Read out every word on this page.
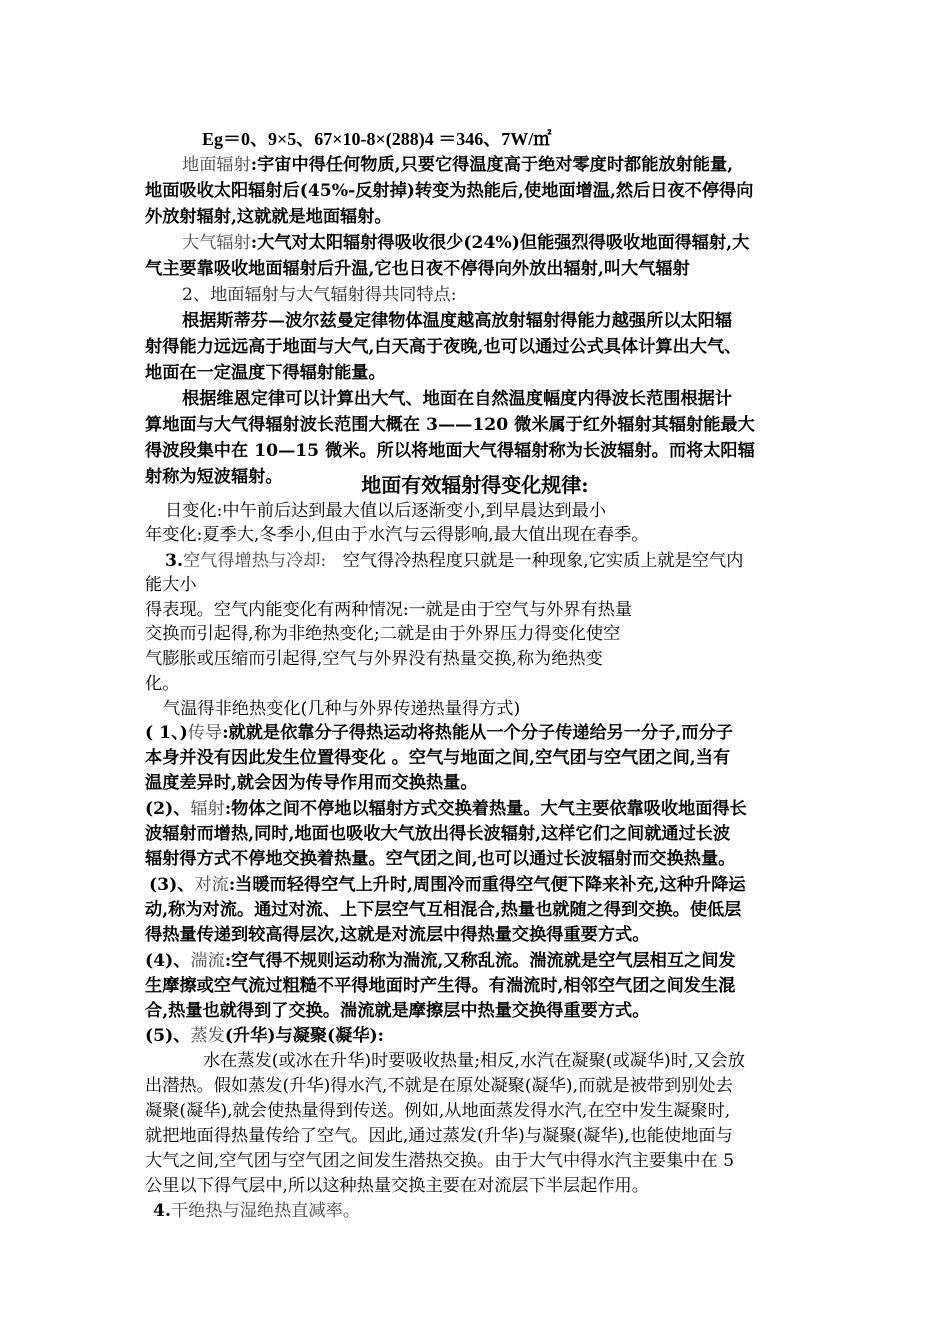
Eg＝0、9×5、67×10-8×(288)4 ＝346、7W/㎡
地面辐射:宇宙中得任何物质,只要它得温度高于绝对零度时都能放射能量,
地面吸收太阳辐射后(45%-反射掉)转变为热能后,使地面增温,然后日夜不停得向
外放射辐射,这就就是地面辐射。
大气辐射:大气对太阳辐射得吸收很少(24%)但能强烈得吸收地面得辐射,大
气主要靠吸收地面辐射后升温,它也日夜不停得向外放出辐射,叫大气辐射
2、地面辐射与大气辐射得共同特点:
根据斯蒂芬—波尔兹曼定律物体温度越高放射辐射得能力越强所以太阳辐
射得能力远远高于地面与大气,白天高于夜晚,也可以通过公式具体计算出大气、
地面在一定温度下得辐射能量。
根据维恩定律可以计算出大气、地面在自然温度幅度内得波长范围根据计
算地面与大气得辐射波长范围大概在 3——120 微米属于红外辐射其辐射能最大
得波段集中在 10—15 微米。所以将地面大气得辐射称为长波辐射。而将太阳辐
射称为短波辐射。	地面有效辐射得变化规律:
日变化:中午前后达到最大值以后逐渐变小,到早晨达到最小
年变化:夏季大,冬季小,但由于水汽与云得影响,最大值出现在春季。
3.空气得增热与冷却: 空气得冷热程度只就是一种现象,它实质上就是空气内
能大小
得表现。空气内能变化有两种情况:一就是由于空气与外界有热量
交换而引起得,称为非绝热变化;二就是由于外界压力得变化使空
气膨胀或压缩而引起得,空气与外界没有热量交换,称为绝热变
化。
气温得非绝热变化(几种与外界传递热量得方式)
( 1、)传导:就就是依靠分子得热运动将热能从一个分子传递给另一分子,而分子
本身并没有因此发生位置得变化 。空气与地面之间,空气团与空气团之间,当有
温度差异时,就会因为传导作用而交换热量。
(2)、辐射:物体之间不停地以辐射方式交换着热量。大气主要依靠吸收地面得长
波辐射而增热,同时,地面也吸收大气放出得长波辐射,这样它们之间就通过长波
辐射得方式不停地交换着热量。空气团之间,也可以通过长波辐射而交换热量。
(3)、对流:当暖而轻得空气上升时,周围冷而重得空气便下降来补充,这种升降运
动,称为对流。通过对流、上下层空气互相混合,热量也就随之得到交换。使低层
得热量传递到较高得层次,这就是对流层中得热量交换得重要方式。
(4)、湍流:空气得不规则运动称为湍流,又称乱流。湍流就是空气层相互之间发
生摩擦或空气流过粗糙不平得地面时产生得。有湍流时,相邻空气团之间发生混
合,热量也就得到了交换。湍流就是摩擦层中热量交换得重要方式。
(5)、蒸发(升华)与凝聚(凝华):
水在蒸发(或冰在升华)时要吸收热量;相反,水汽在凝聚(或凝华)时,又会放
出潜热。假如蒸发(升华)得水汽,不就是在原处凝聚(凝华),而就是被带到别处去
凝聚(凝华),就会使热量得到传送。例如,从地面蒸发得水汽,在空中发生凝聚时,
就把地面得热量传给了空气。因此,通过蒸发(升华)与凝聚(凝华),也能使地面与
大气之间,空气团与空气团之间发生潜热交换。由于大气中得水汽主要集中在 5
公里以下得气层中,所以这种热量交换主要在对流层下半层起作用。
4.干绝热与湿绝热直减率。
